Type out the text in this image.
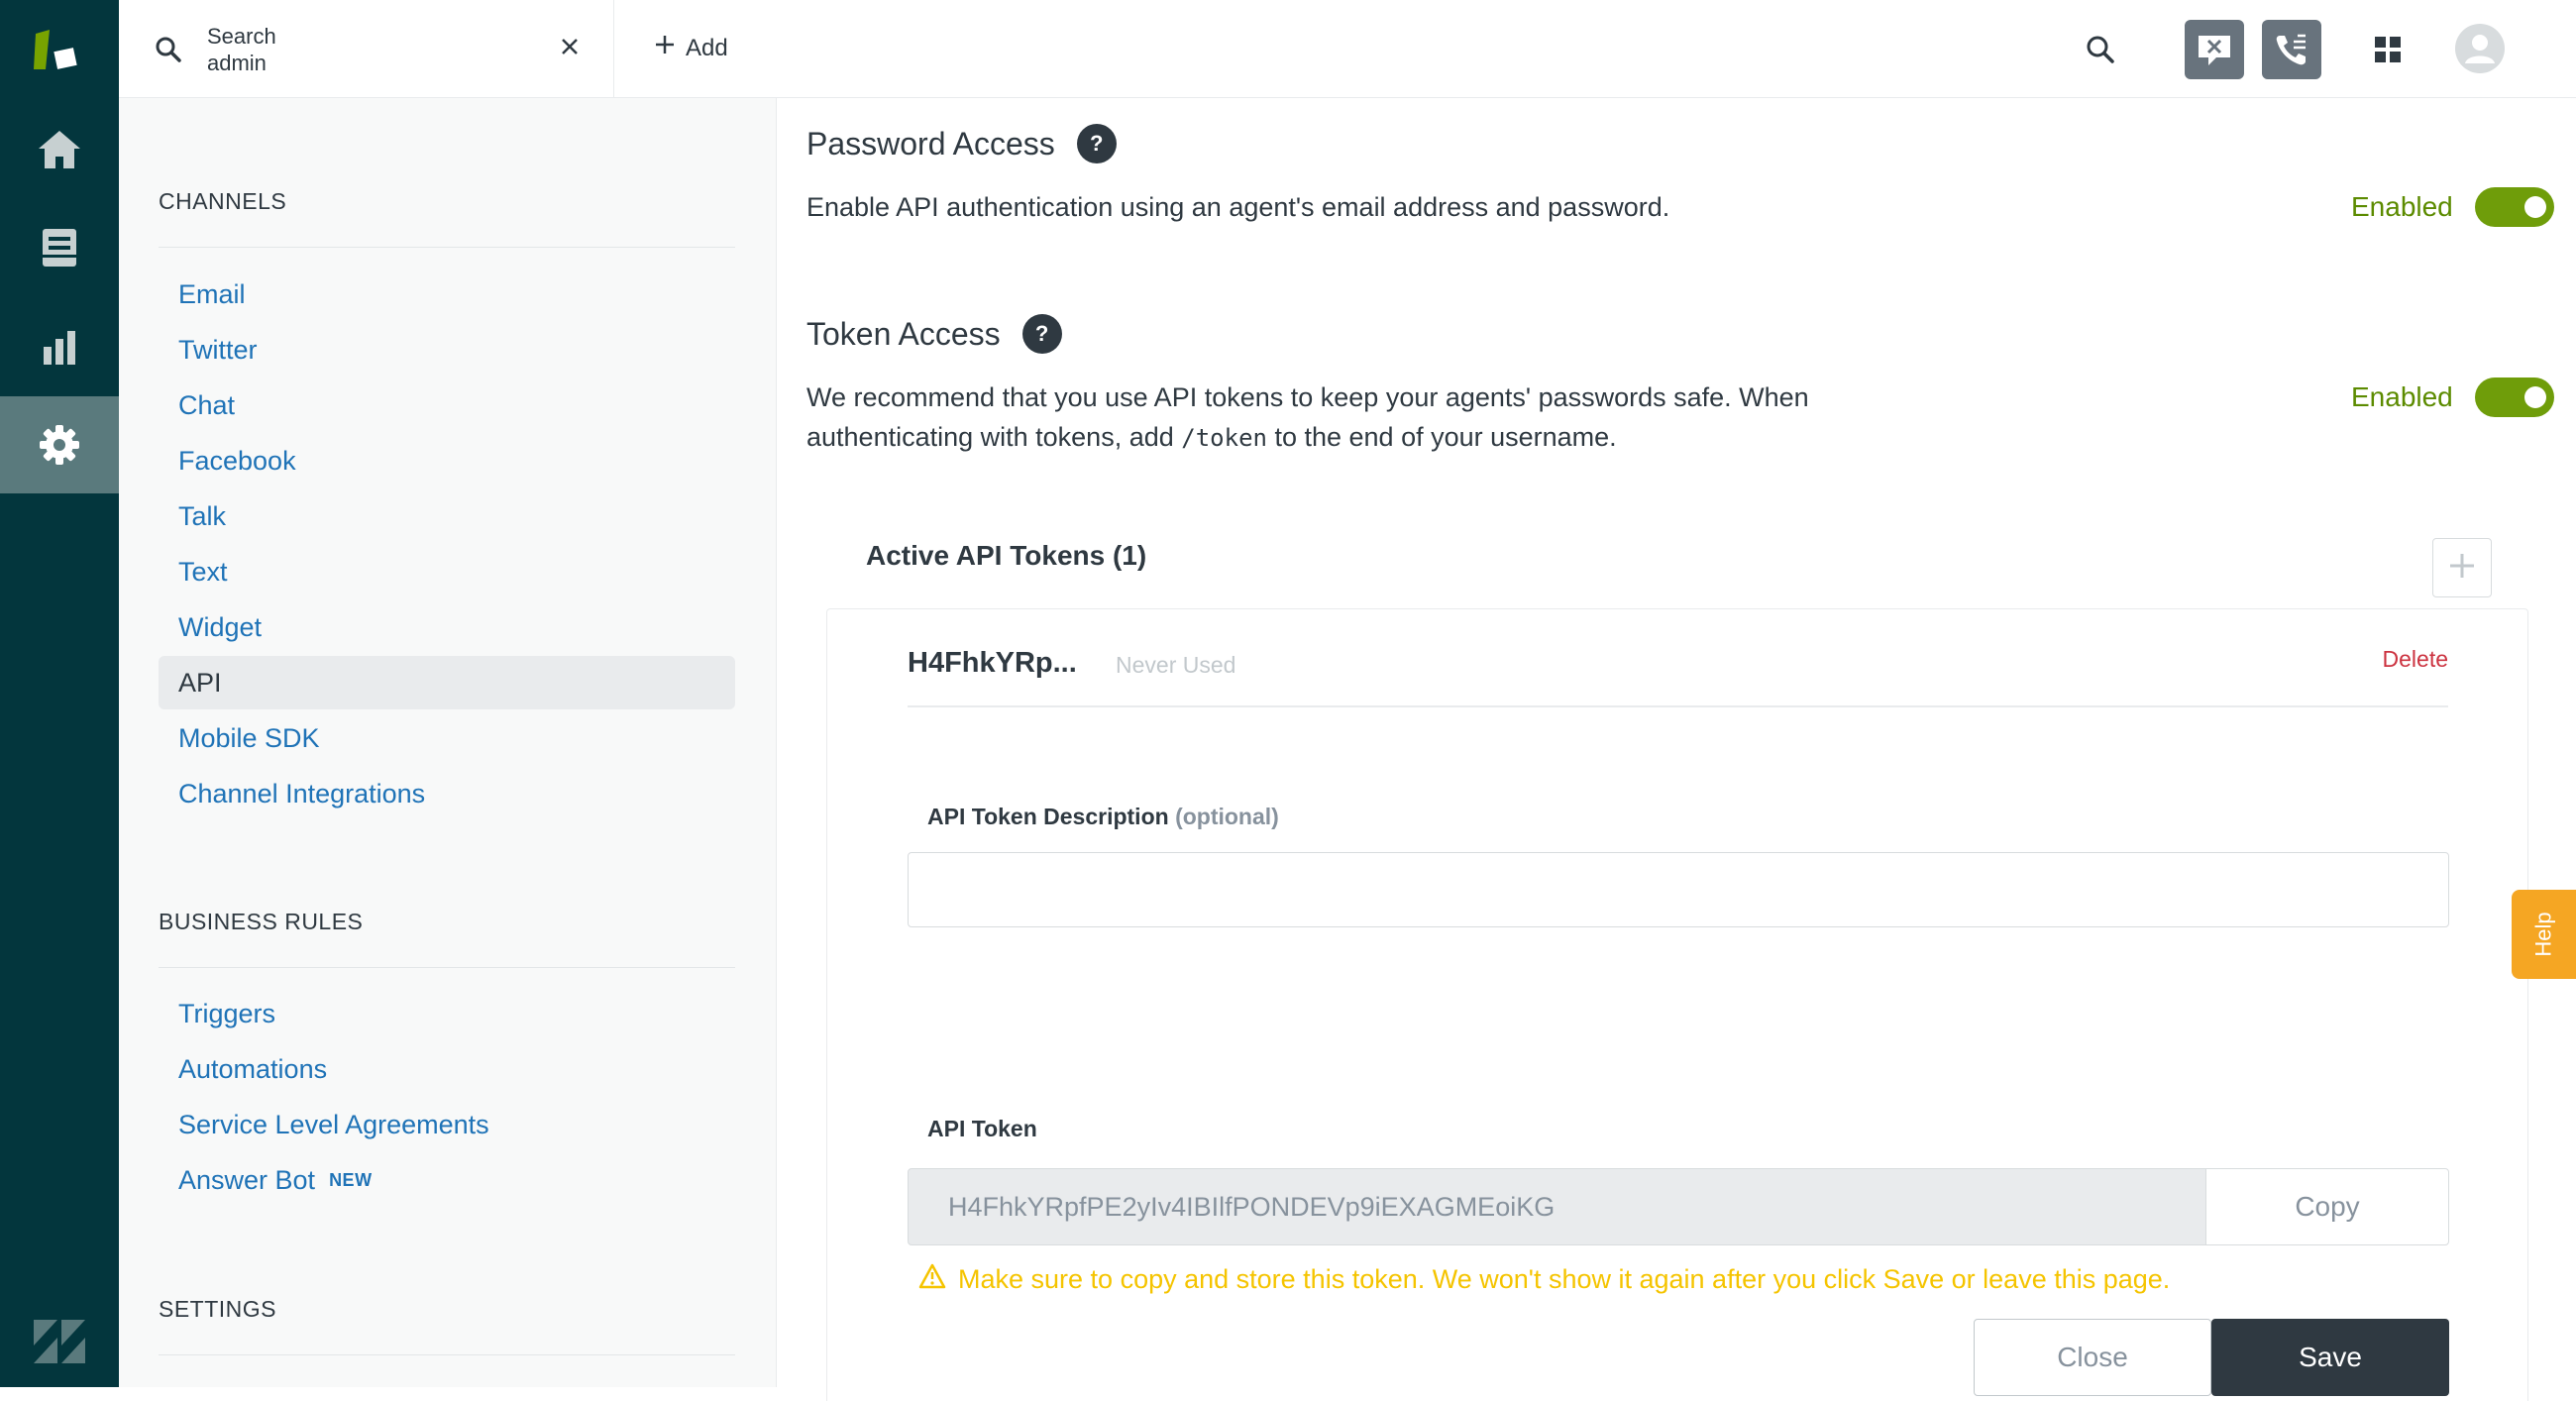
Search
admin
Add
CHANNELS
Email
Twitter
Chat
Facebook
Talk
Text
Widget
API
Mobile SDK
Channel Integrations
BUSINESS RULES
Triggers
Automations
Service Level Agreements
Answer Bot NEW
SETTINGS
Password Access	?
Enable API authentication using an agent's email address and password.	Enabled
Token Access	?
We recommend that you use API tokens to keep your agents' passwords safe. When
authenticating with tokens, add /token to the end of your username.
Enabled
Active API Tokens (1)
H4FhkYRp... Never Used	Delete
API Token Description (optional)
API Token
H4FhkYRpfPE2yIv4IBIlfPONDEVp9iEXAGMEoiKG	Copy
Make sure to copy and store this token. We won't show it again after you click Save or leave this page.
Close	Save
Help
